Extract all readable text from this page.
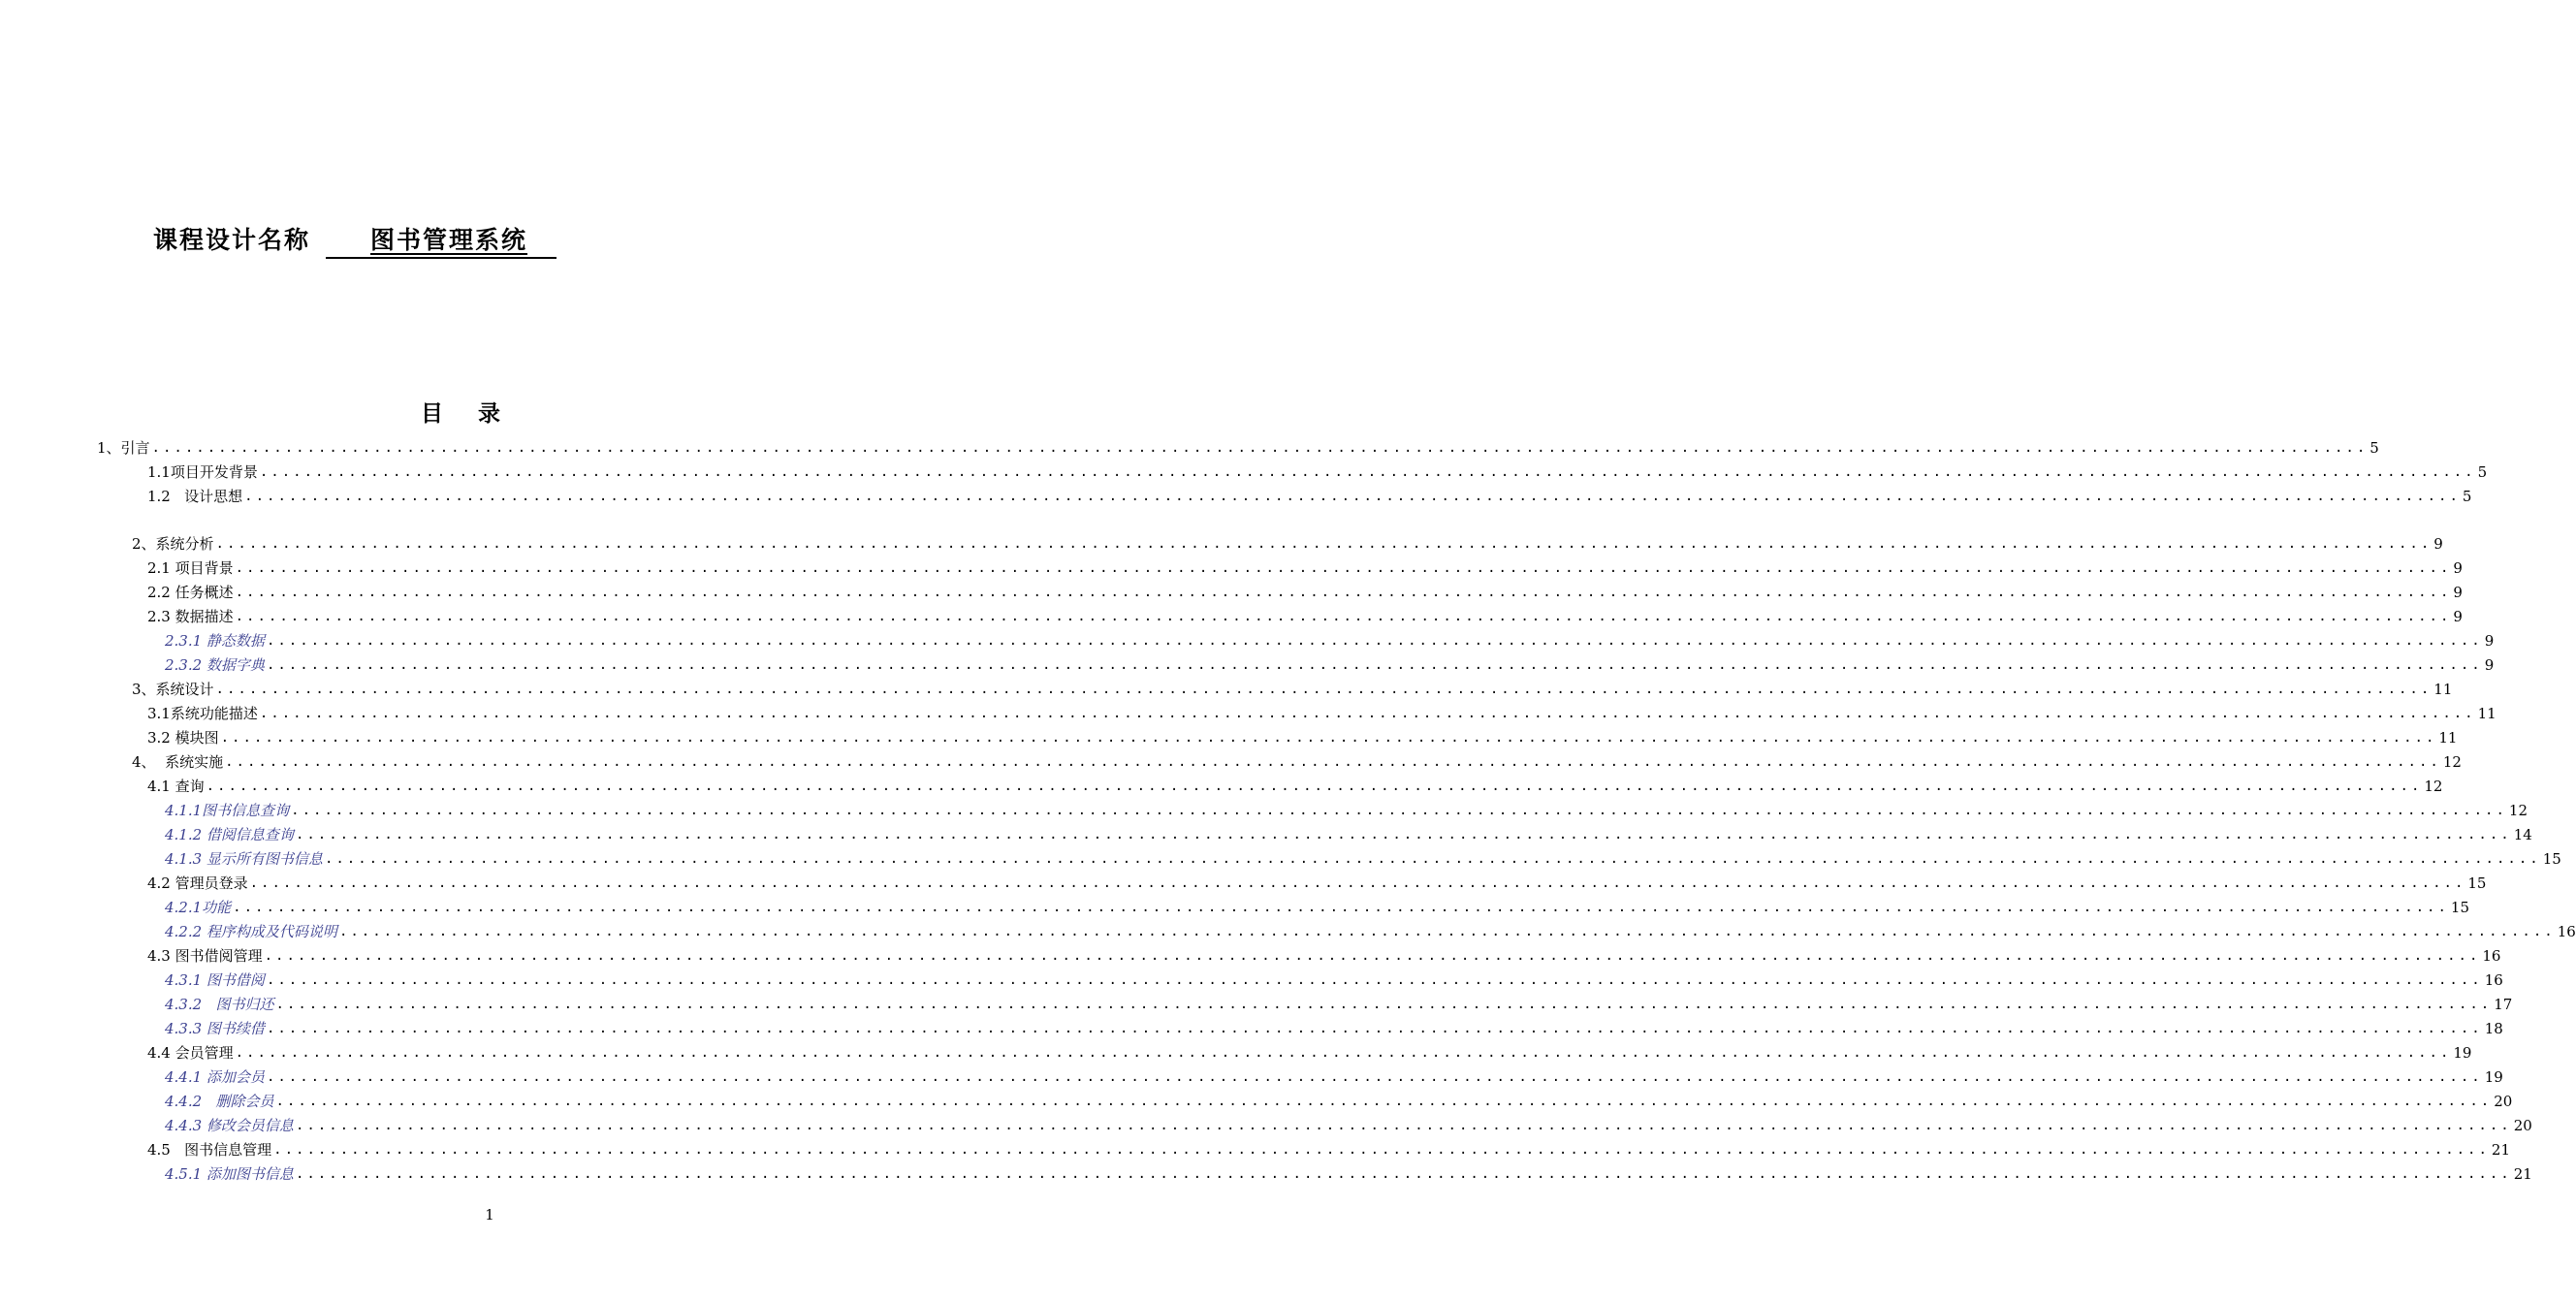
课程设计名称	图书管理系统
目 录
1、引言 ........................................................................................................................................................................................................ 5
1.1项目开发背景 ........................................................................................................................................................................................................ 5
1.2   设计思想 ........................................................................................................................................................................................................ 5
2、系统分析 ........................................................................................................................................................................................................ 9
2.1 项目背景 ........................................................................................................................................................................................................ 9
2.2 任务概述 ........................................................................................................................................................................................................ 9
2.3 数据描述 ........................................................................................................................................................................................................ 9
2.3.1 静态数据 ........................................................................................................................................................................................................ 9
2.3.2 数据字典 ........................................................................................................................................................................................................ 9
3、系统设计 ........................................................................................................................................................................................................ 11
3.1系统功能描述 ........................................................................................................................................................................................................ 11
3.2 模块图 ........................................................................................................................................................................................................ 11
4、  系统实施 ........................................................................................................................................................................................................ 12
4.1 查询 ........................................................................................................................................................................................................ 12
4.1.1图书信息查询 ........................................................................................................................................................................................................ 12
4.1.2 借阅信息查询 ........................................................................................................................................................................................................ 14
4.1.3 显示所有图书信息 ........................................................................................................................................................................................................ 15
4.2 管理员登录 ........................................................................................................................................................................................................ 15
4.2.1功能 ........................................................................................................................................................................................................ 15
4.2.2 程序构成及代码说明 ........................................................................................................................................................................................................ 16
4.3 图书借阅管理 ........................................................................................................................................................................................................ 16
4.3.1 图书借阅 ........................................................................................................................................................................................................ 16
4.3.2   图书归还 ........................................................................................................................................................................................................ 17
4.3.3 图书续借 ........................................................................................................................................................................................................ 18
4.4 会员管理 ........................................................................................................................................................................................................ 19
4.4.1 添加会员 ........................................................................................................................................................................................................ 19
4.4.2   删除会员 ........................................................................................................................................................................................................ 20
4.4.3 修改会员信息 ........................................................................................................................................................................................................ 20
4.5   图书信息管理 ........................................................................................................................................................................................................ 21
4.5.1 添加图书信息 ........................................................................................................................................................................................................ 21
1
